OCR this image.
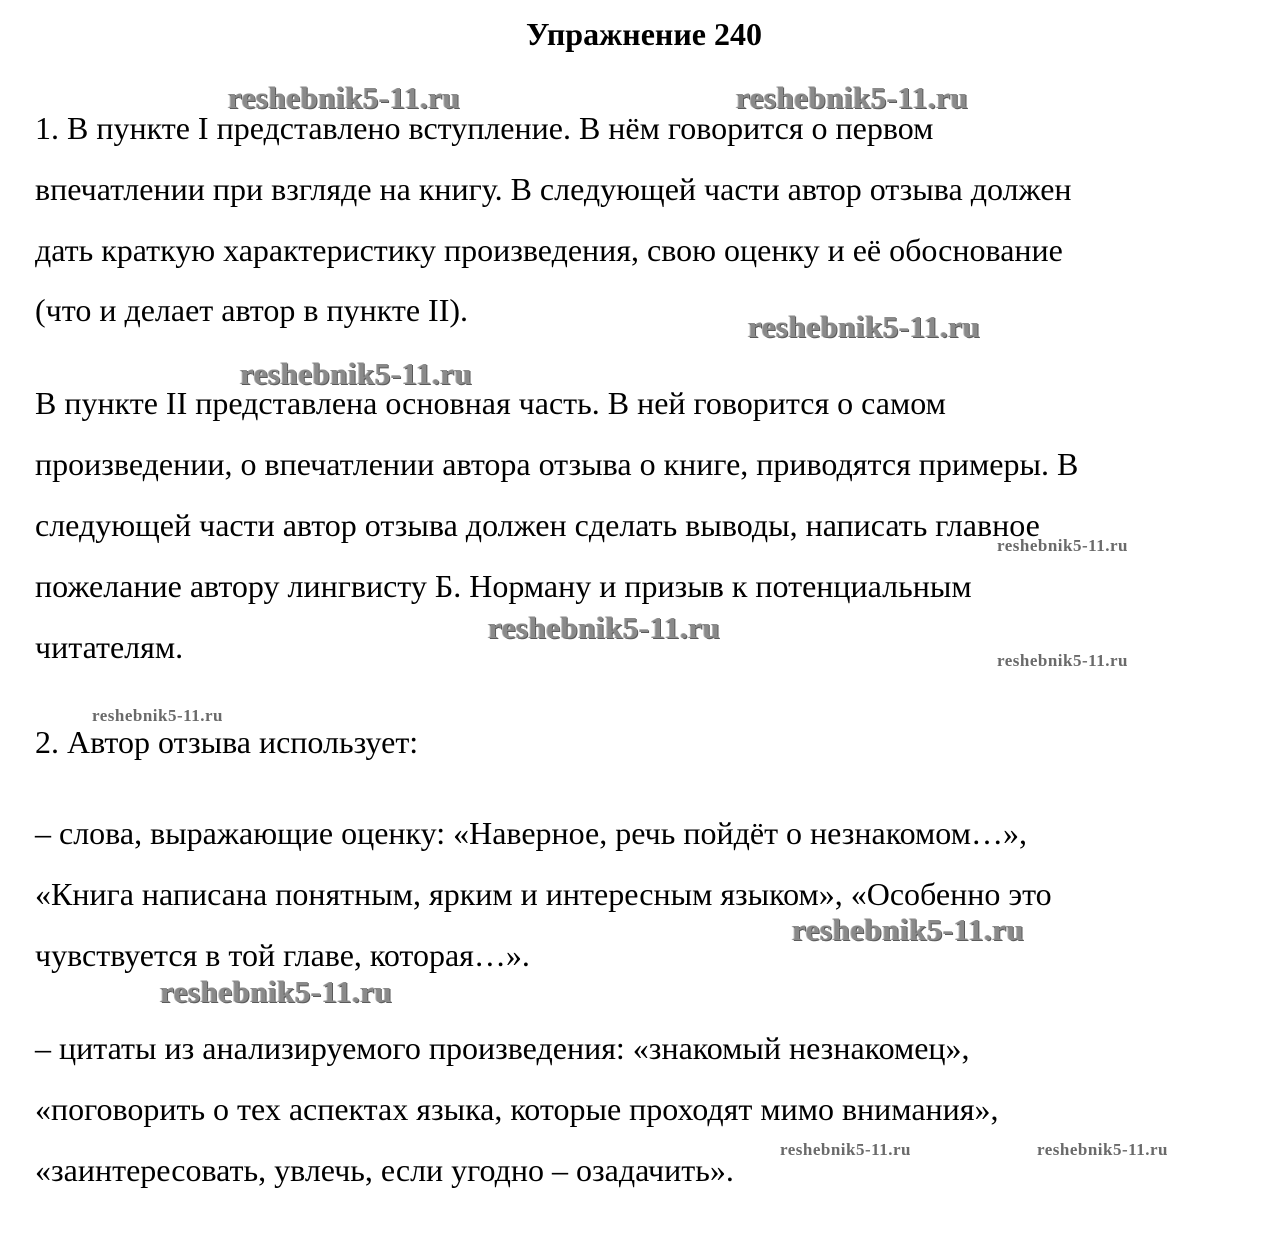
Упражнение 240
1. В пункте I представлено вступление. В нём говорится о первом
впечатлении при взгляде на книгу. В следующей части автор отзыва должен
дать краткую характеристику произведения, свою оценку и её обоснование
(что и делает автор в пункте II).
В пункте II представлена основная часть. В ней говорится о самом
произведении, о впечатлении автора отзыва о книге, приводятся примеры. В
следующей части автор отзыва должен сделать выводы, написать главное
пожелание автору лингвисту Б. Норману и призыв к потенциальным
читателям.
2. Автор отзыва использует:
– слова, выражающие оценку: «Наверное, речь пойдёт о незнакомом…»,
«Книга написана понятным, ярким и интересным языком», «Особенно это
чувствуется в той главе, которая…».
– цитаты из анализируемого произведения: «знакомый незнакомец»,
«поговорить о тех аспектах языка, которые проходят мимо внимания»,
«заинтересовать, увлечь, если угодно – озадачить».
reshebnik5-11.ru	reshebnik5-11.ru
reshebnik5-11.ru
reshebnik5-11.ru
reshebnik5-11.ru
reshebnik5-11.ru
reshebnik5-11.ru
reshebnik5-11.ru
reshebnik5-11.ru
reshebnik5-11.ru
reshebnik5-11.ru	reshebnik5-11.ru
